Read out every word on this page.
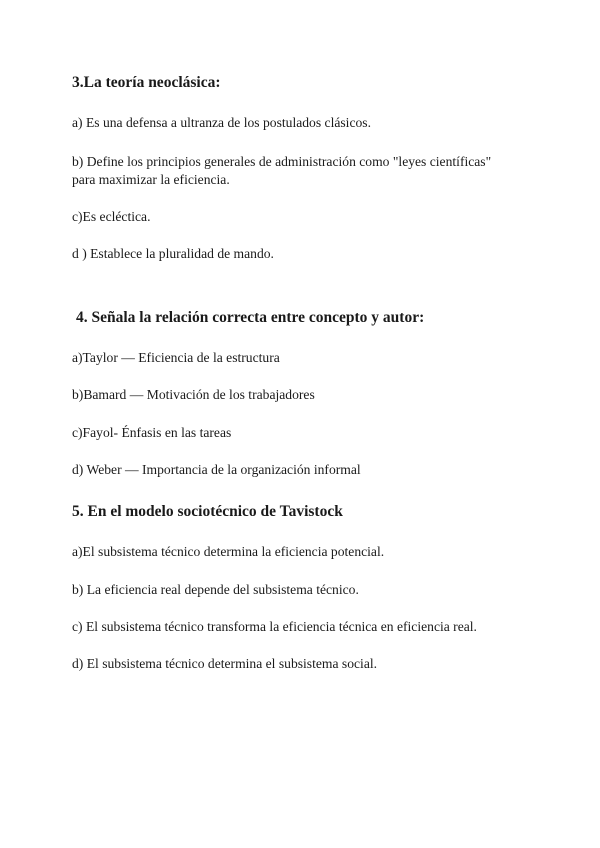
3.La teoría neoclásica:
a) Es una defensa a ultranza de los postulados clásicos.
b) Define los principios generales de administración como "leyes científicas"
para maximizar la eficiencia.
c)Es ecléctica.
d ) Establece la pluralidad de mando.
4. Señala la relación correcta entre concepto y autor:
a)Taylor — Eficiencia de la estructura
b)Bamard — Motivación de los trabajadores
c)Fayol- Énfasis en las tareas
d) Weber — Importancia de la organización informal
5. En el modelo sociotécnico de Tavistock
a)El subsistema técnico determina la eficiencia potencial.
b) La eficiencia real depende del subsistema técnico.
c) El subsistema técnico transforma la eficiencia técnica en eficiencia real.
d) El subsistema técnico determina el subsistema social.
